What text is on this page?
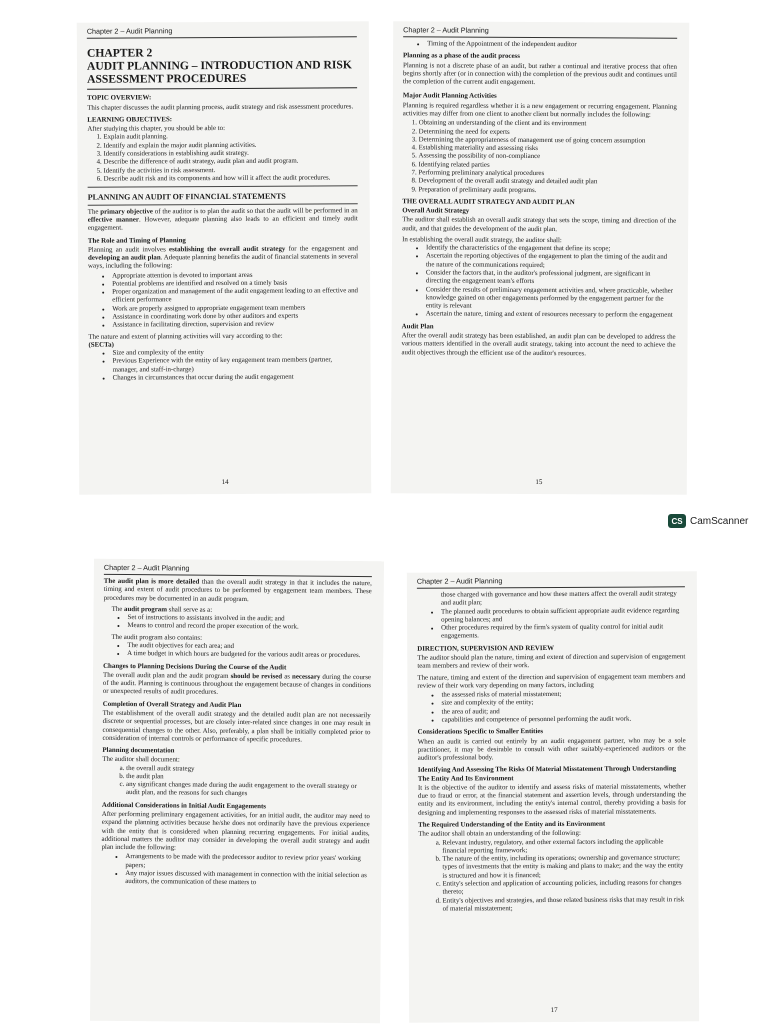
Chapter 2 – Audit Planning
CHAPTER 2
AUDIT PLANNING – INTRODUCTION AND RISK ASSESSMENT PROCEDURES
TOPIC OVERVIEW:

This chapter discusses the audit planning process, audit strategy and risk assessment procedures.

LEARNING OBJECTIVES:
After studying this chapter, you should be able to:
1. Explain audit planning.
2. Identify and explain the major audit planning activities.
3. Identify considerations in establishing audit strategy.
4. Describe the difference of audit strategy, audit plan and audit program.
5. Identify the activities in risk assessment.
6. Describe audit risk and its components and how will it affect the audit procedures.
PLANNING AN AUDIT OF FINANCIAL STATEMENTS

The primary objective of the auditor is to plan the audit so that the audit will be performed in an effective manner. However, adequate planning also leads to an efficient and timely audit engagement.

The Role and Timing of Planning

Planning an audit involves establishing the overall audit strategy for the engagement and developing an audit plan. Adequate planning benefits the audit of financial statements in several ways, including the following:

• Appropriate attention is devoted to important areas
• Potential problems are identified and resolved on a timely basis
• Proper organization and management of the audit engagement leading to an effective and efficient performance
• Work are properly assigned to appropriate engagement team members
• Assistance in coordinating work done by other auditors and experts
• Assistance in facilitating direction, supervision and review
The nature and extent of planning activities will vary according to the:
(SECTa)
• Size and complexity of the entity
• Previous Experience with the entity of key engagement team members (partner, manager, and staff-in-charge)
• Changes in circumstances that occur during the audit engagement
14
Chapter 2 – Audit Planning
• Timing of the Appointment of the independent auditor
Planning as a phase of the audit process

Planning is not a discrete phase of an audit, but rather a continual and iterative process that often begins shortly after (or in connection with) the completion of the previous audit and continues until the completion of the current audit engagement.

Major Audit Planning Activities

Planning is required regardless whether it is a new engagement or recurring engagement. Planning activities may differ from one client to another client but normally includes the following:

1. Obtaining an understanding of the client and its environment
2. Determining the need for experts
3. Determining the appropriateness of management use of going concern assumption
4. Establishing materiality and assessing risks
5. Assessing the possibility of non-compliance
6. Identifying related parties
7. Performing preliminary analytical procedures
8. Development of the overall audit strategy and detailed audit plan
9. Preparation of preliminary audit programs.
THE OVERALL AUDIT STRATEGY AND AUDIT PLAN
Overall Audit Strategy

The auditor shall establish an overall audit strategy that sets the scope, timing and direction of the audit, and that guides the development of the audit plan.

In establishing the overall audit strategy, the auditor shall:
• Identify the characteristics of the engagement that define its scope;
• Ascertain the reporting objectives of the engagement to plan the timing of the audit and the nature of the communications required;
• Consider the factors that, in the auditor's professional judgment, are significant in directing the engagement team's efforts
• Consider the results of preliminary engagement activities and, where practicable, whether knowledge gained on other engagements performed by the engagement partner for the entity is relevant
• Ascertain the nature, timing and extent of resources necessary to perform the engagement
Audit Plan

After the overall audit strategy has been established, an audit plan can be developed to address the various matters identified in the overall audit strategy, taking into account the need to achieve the audit objectives through the efficient use of the auditor's resources.

15
CS CamScanner
Chapter 2 – Audit Planning

The audit plan is more detailed than the overall audit strategy in that it includes the nature, timing and extent of audit procedures to be performed by engagement team members. These procedures may be documented in an audit program.

The audit program shall serve as a:
• Set of instructions to assistants involved in the audit; and
• Means to control and record the proper execution of the work.
The audit program also contains:
• The audit objectives for each area; and
• A time budget in which hours are budgeted for the various audit areas or procedures.
Changes to Planning Decisions During the Course of the Audit

The overall audit plan and the audit program should be revised as necessary during the course of the audit. Planning is continuous throughout the engagement because of changes in conditions or unexpected results of audit procedures.

Completion of Overall Strategy and Audit Plan

The establishment of the overall audit strategy and the detailed audit plan are not necessarily discrete or sequential processes, but are closely inter-related since changes in one may result in consequential changes to the other. Also, preferably, a plan shall be initially completed prior to consideration of internal controls or performance of specific procedures.

Planning documentation
The auditor shall document:
a. the overall audit strategy
b. the audit plan
c. any significant changes made during the audit engagement to the overall strategy or audit plan, and the reasons for such changes
Additional Considerations in Initial Audit Engagements

After performing preliminary engagement activities, for an initial audit, the auditor may need to expand the planning activities because he/she does not ordinarily have the previous experience with the entity that is considered when planning recurring engagements. For initial audits, additional matters the auditor may consider in developing the overall audit strategy and audit plan include the following:

• Arrangements to be made with the predecessor auditor to review prior years' working papers;
• Any major issues discussed with management in connection with the initial selection as auditors, the communication of these matters to
Chapter 2 – Audit Planning
those charged with governance and how these matters affect the overall audit strategy and audit plan;
• The planned audit procedures to obtain sufficient appropriate audit evidence regarding opening balances; and
• Other procedures required by the firm's system of quality control for initial audit engagements.
DIRECTION, SUPERVISION AND REVIEW

The auditor should plan the nature, timing and extent of direction and supervision of engagement team members and review of their work.

The nature, timing and extent of the direction and supervision of engagement team members and review of their work vary depending on many factors, including

• the assessed risks of material misstatement;
• size and complexity of the entity;
• the area of audit; and
• capabilities and competence of personnel performing the audit work.
Considerations Specific to Smaller Entities

When an audit is carried out entirely by an audit engagement partner, who may be a sole practitioner, it may be desirable to consult with other suitably-experienced auditors or the auditor's professional body.

Identifying And Assessing The Risks Of Material Misstatement Through Understanding The Entity And Its Environment

It is the objective of the auditor to identify and assess risks of material misstatements, whether due to fraud or error, at the financial statement and assertion levels, through understanding the entity and its environment, including the entity's internal control, thereby providing a basis for designing and implementing responses to the assessed risks of material misstatements.

The Required Understanding of the Entity and its Environment
The auditor shall obtain an understanding of the following:
a. Relevant industry, regulatory, and other external factors including the applicable financial reporting framework;
b. The nature of the entity, including its operations; ownership and governance structure; types of investments that the entity is making and plans to make; and the way the entity is structured and how it is financed;
c. Entity's selection and application of accounting policies, including reasons for changes thereto;
d. Entity's objectives and strategies, and those related business risks that may result in risk of material misstatement;
17
